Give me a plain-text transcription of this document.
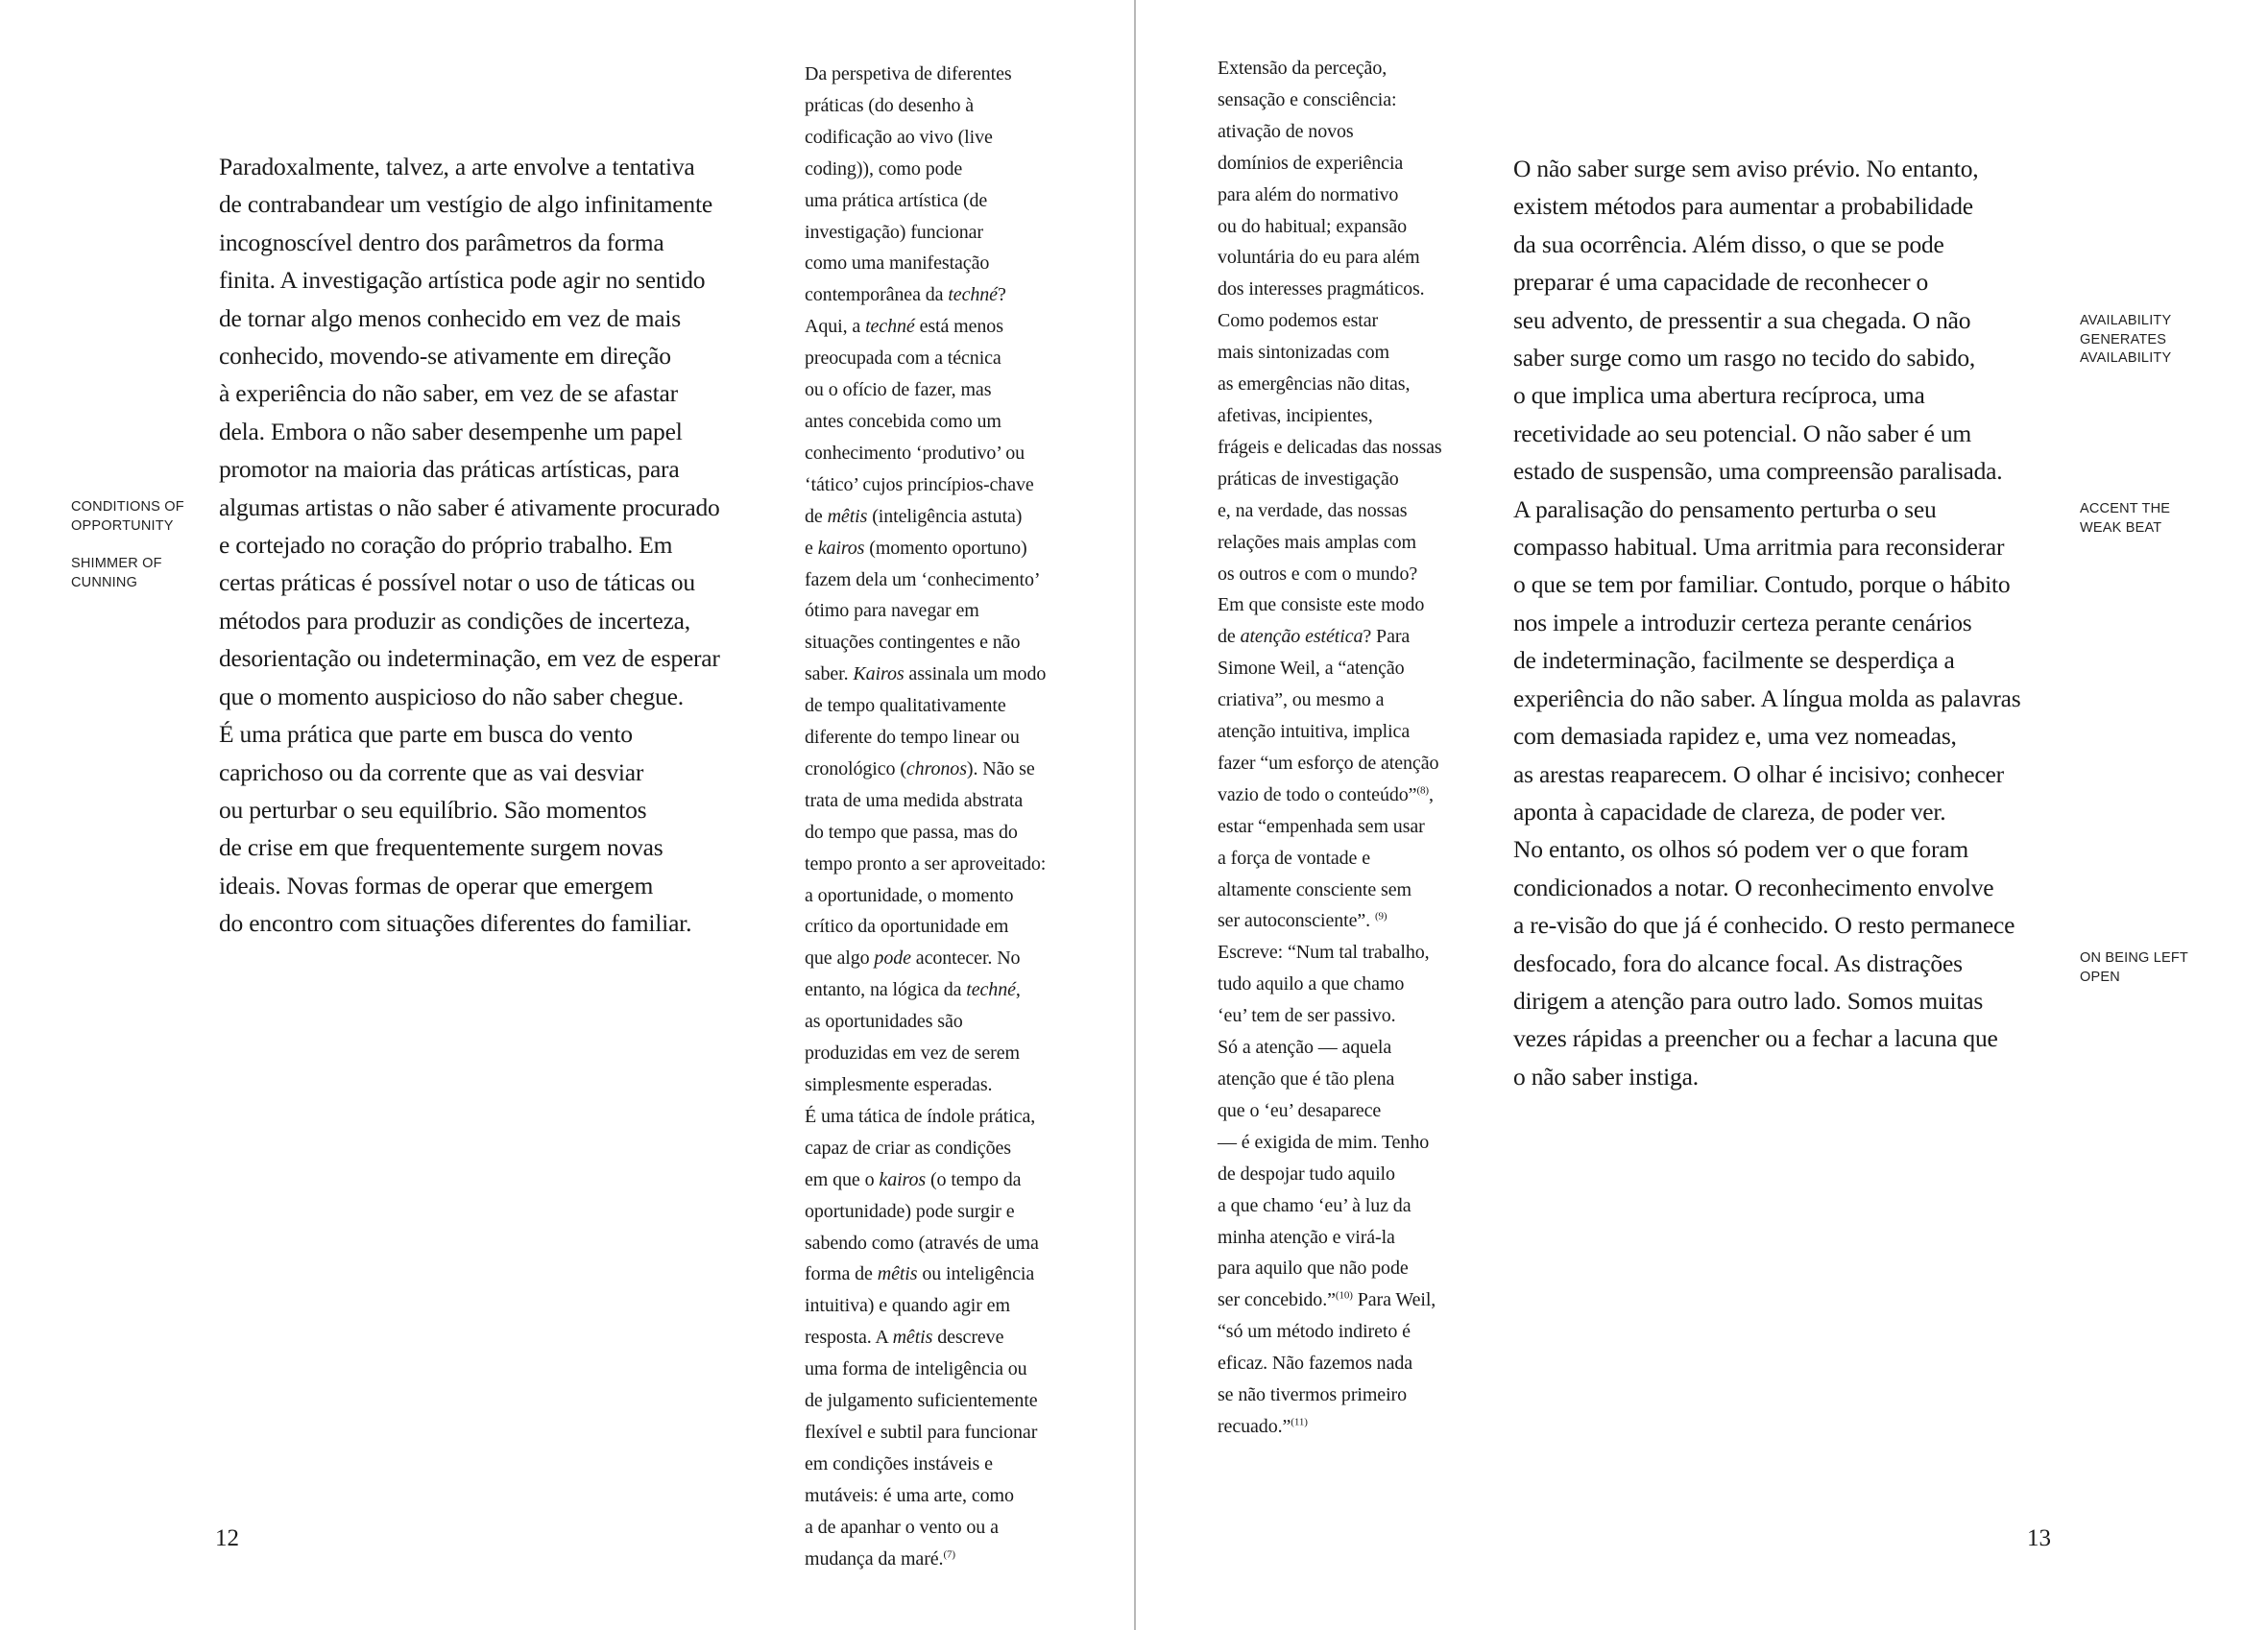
CONDITIONS OF OPPORTUNITY
SHIMMER OF CUNNING
Paradoxalmente, talvez, a arte envolve a tentativa
de contrabandear um vestígio de algo infinitamente
incognoscível dentro dos parâmetros da forma
finita. A investigação artística pode agir no sentido
de tornar algo menos conhecido em vez de mais
conhecido, movendo-se ativamente em direção
à experiência do não saber, em vez de se afastar
dela. Embora o não saber desempenhe um papel
promotor na maioria das práticas artísticas, para
algumas artistas o não saber é ativamente procurado
e cortejado no coração do próprio trabalho. Em
certas práticas é possível notar o uso de táticas ou
métodos para produzir as condições de incerteza,
desorientação ou indeterminação, em vez de esperar
que o momento auspicioso do não saber chegue.
É uma prática que parte em busca do vento
caprichoso ou da corrente que as vai desviar
ou perturbar o seu equilíbrio. São momentos
de crise em que frequentemente surgem novas
ideais. Novas formas de operar que emergem
do encontro com situações diferentes do familiar.
Da perspetiva de diferentes
práticas (do desenho à
codificação ao vivo (live
coding)), como pode
uma prática artística (de
investigação) funcionar
como uma manifestação
contemporânea da techné?
Aqui, a techné está menos
preocupada com a técnica
ou o ofício de fazer, mas
antes concebida como um
conhecimento ‘produtivo’ ou
‘tático’ cujos princípios-chave
de mêtis (inteligência astuta)
e kairos (momento oportuno)
fazem dela um ‘conhecimento’
ótimo para navegar em
situações contingentes e não
saber. Kairos assinala um modo
de tempo qualitativamente
diferente do tempo linear ou
cronológico (chronos). Não se
trata de uma medida abstrata
do tempo que passa, mas do
tempo pronto a ser aproveitado:
a oportunidade, o momento
crítico da oportunidade em
que algo pode acontecer. No
entanto, na lógica da techné,
as oportunidades são
produzidas em vez de serem
simplesmente esperadas.
É uma tática de índole prática,
capaz de criar as condições
em que o kairos (o tempo da
oportunidade) pode surgir e
sabendo como (através de uma
forma de mêtis ou inteligência
intuitiva) e quando agir em
resposta. A mêtis descreve
uma forma de inteligência ou
de julgamento suficientemente
flexível e subtil para funcionar
em condições instáveis e
mutáveis: é uma arte, como
a de apanhar o vento ou a
mudança da maré.$^{(7)}$
12
Extensão da perceção,
sensação e consciência:
ativação de novos
domínios de experiência
para além do normativo
ou do habitual; expansão
voluntária do eu para além
dos interesses pragmáticos.
Como podemos estar
mais sintonizadas com
as emergências não ditas,
afetivas, incipientes,
frágeis e delicadas das nossas
práticas de investigação
e, na verdade, das nossas
relações mais amplas com
os outros e com o mundo?
Em que consiste este modo
de atenção estética? Para
Simone Weil, a “atenção
criativa”, ou mesmo a
atenção intuitiva, implica
fazer “um esforço de atenção
vazio de todo o conteúdo”$^{(8)}$,
estar “empenhada sem usar
a força de vontade e
altamente consciente sem
ser autoconsciente”. $^{(9)}$
Escreve: “Num tal trabalho,
tudo aquilo a que chamo
‘eu’ tem de ser passivo.
Só a atenção — aquela
atenção que é tão plena
que o ‘eu’ desaparece
— é exigida de mim. Tenho
de despojar tudo aquilo
a que chamo ‘eu’ à luz da
minha atenção e virá-la
para aquilo que não pode
ser concebido.”$^{(10)}$ Para Weil,
“só um método indireto é
eficaz. Não fazemos nada
se não tivermos primeiro
recuado.”$^{(11)}$
O não saber surge sem aviso prévio. No entanto,
existem métodos para aumentar a probabilidade
da sua ocorrência. Além disso, o que se pode
preparar é uma capacidade de reconhecer o
seu advento, de pressentir a sua chegada. O não
saber surge como um rasgo no tecido do sabido,
o que implica uma abertura recíproca, uma
recetividade ao seu potencial. O não saber é um
estado de suspensão, uma compreensão paralisada.
A paralisação do pensamento perturba o seu
compasso habitual. Uma arritmia para reconsiderar
o que se tem por familiar. Contudo, porque o hábito
nos impele a introduzir certeza perante cenários
de indeterminação, facilmente se desperdiça a
experiência do não saber. A língua molda as palavras
com demasiada rapidez e, uma vez nomeadas,
as arestas reaparecem. O olhar é incisivo; conhecer
aponta à capacidade de clareza, de poder ver.
No entanto, os olhos só podem ver o que foram
condicionados a notar. O reconhecimento envolve
a re-visão do que já é conhecido. O resto permanece
desfocado, fora do alcance focal. As distrações
dirigem a atenção para outro lado. Somos muitas
vezes rápidas a preencher ou a fechar a lacuna que
o não saber instiga.
AVAILABILITY GENERATES AVAILABILITY
ACCENT THE WEAK BEAT
ON BEING LEFT OPEN
13
